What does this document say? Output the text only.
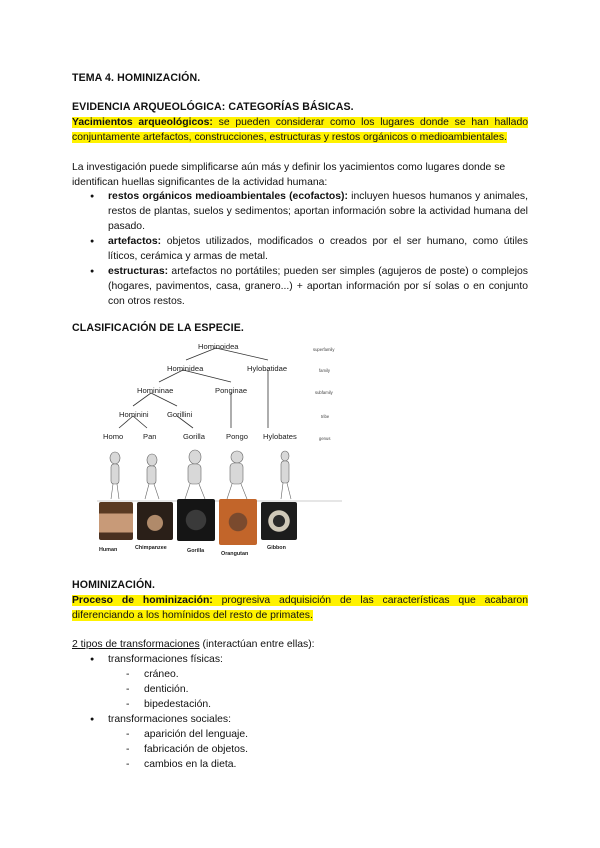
TEMA 4. HOMINIZACIÓN.
EVIDENCIA ARQUEOLÓGICA: CATEGORÍAS BÁSICAS.
Yacimientos arqueológicos: se pueden considerar como los lugares donde se han hallado conjuntamente artefactos, construcciones, estructuras y restos orgánicos o medioambientales.
La investigación puede simplificarse aún más y definir los yacimientos como lugares donde se identifican huellas significantes de la actividad humana:
● restos orgánicos medioambientales (ecofactos): incluyen huesos humanos y animales, restos de plantas, suelos y sedimentos; aportan información sobre la actividad humana del pasado.
● artefactos: objetos utilizados, modificados o creados por el ser humano, como útiles líticos, cerámica y armas de metal.
● estructuras: artefactos no portátiles; pueden ser simples (agujeros de poste) o complejos (hogares, pavimentos, casa, granero...) + aportan información por sí solas o en conjunto con otros restos.
CLASIFICACIÓN DE LA ESPECIE.
HOMINIZACIÓN.
Proceso de hominización: progresiva adquisición de las características que acabaron diferenciando a los homínidos del resto de primates.
2 tipos de transformaciones (interactúan entre ellas):
● transformaciones físicas:
- cráneo.
- dentición.
- bipedestación.
● transformaciones sociales:
- aparición del lenguaje.
- fabricación de objetos.
- cambios en la dieta.
Hominoidea
Hominidea	Hylobatidae
Homininae	Ponginae
Hominini Gorillini
Homo	Pan	Gorilla	Pongo Hylobates
superfamily
family
subfamily
tribe
genus
Human	Chimpanzee	Gorilla	Orangutan
Gibbon
